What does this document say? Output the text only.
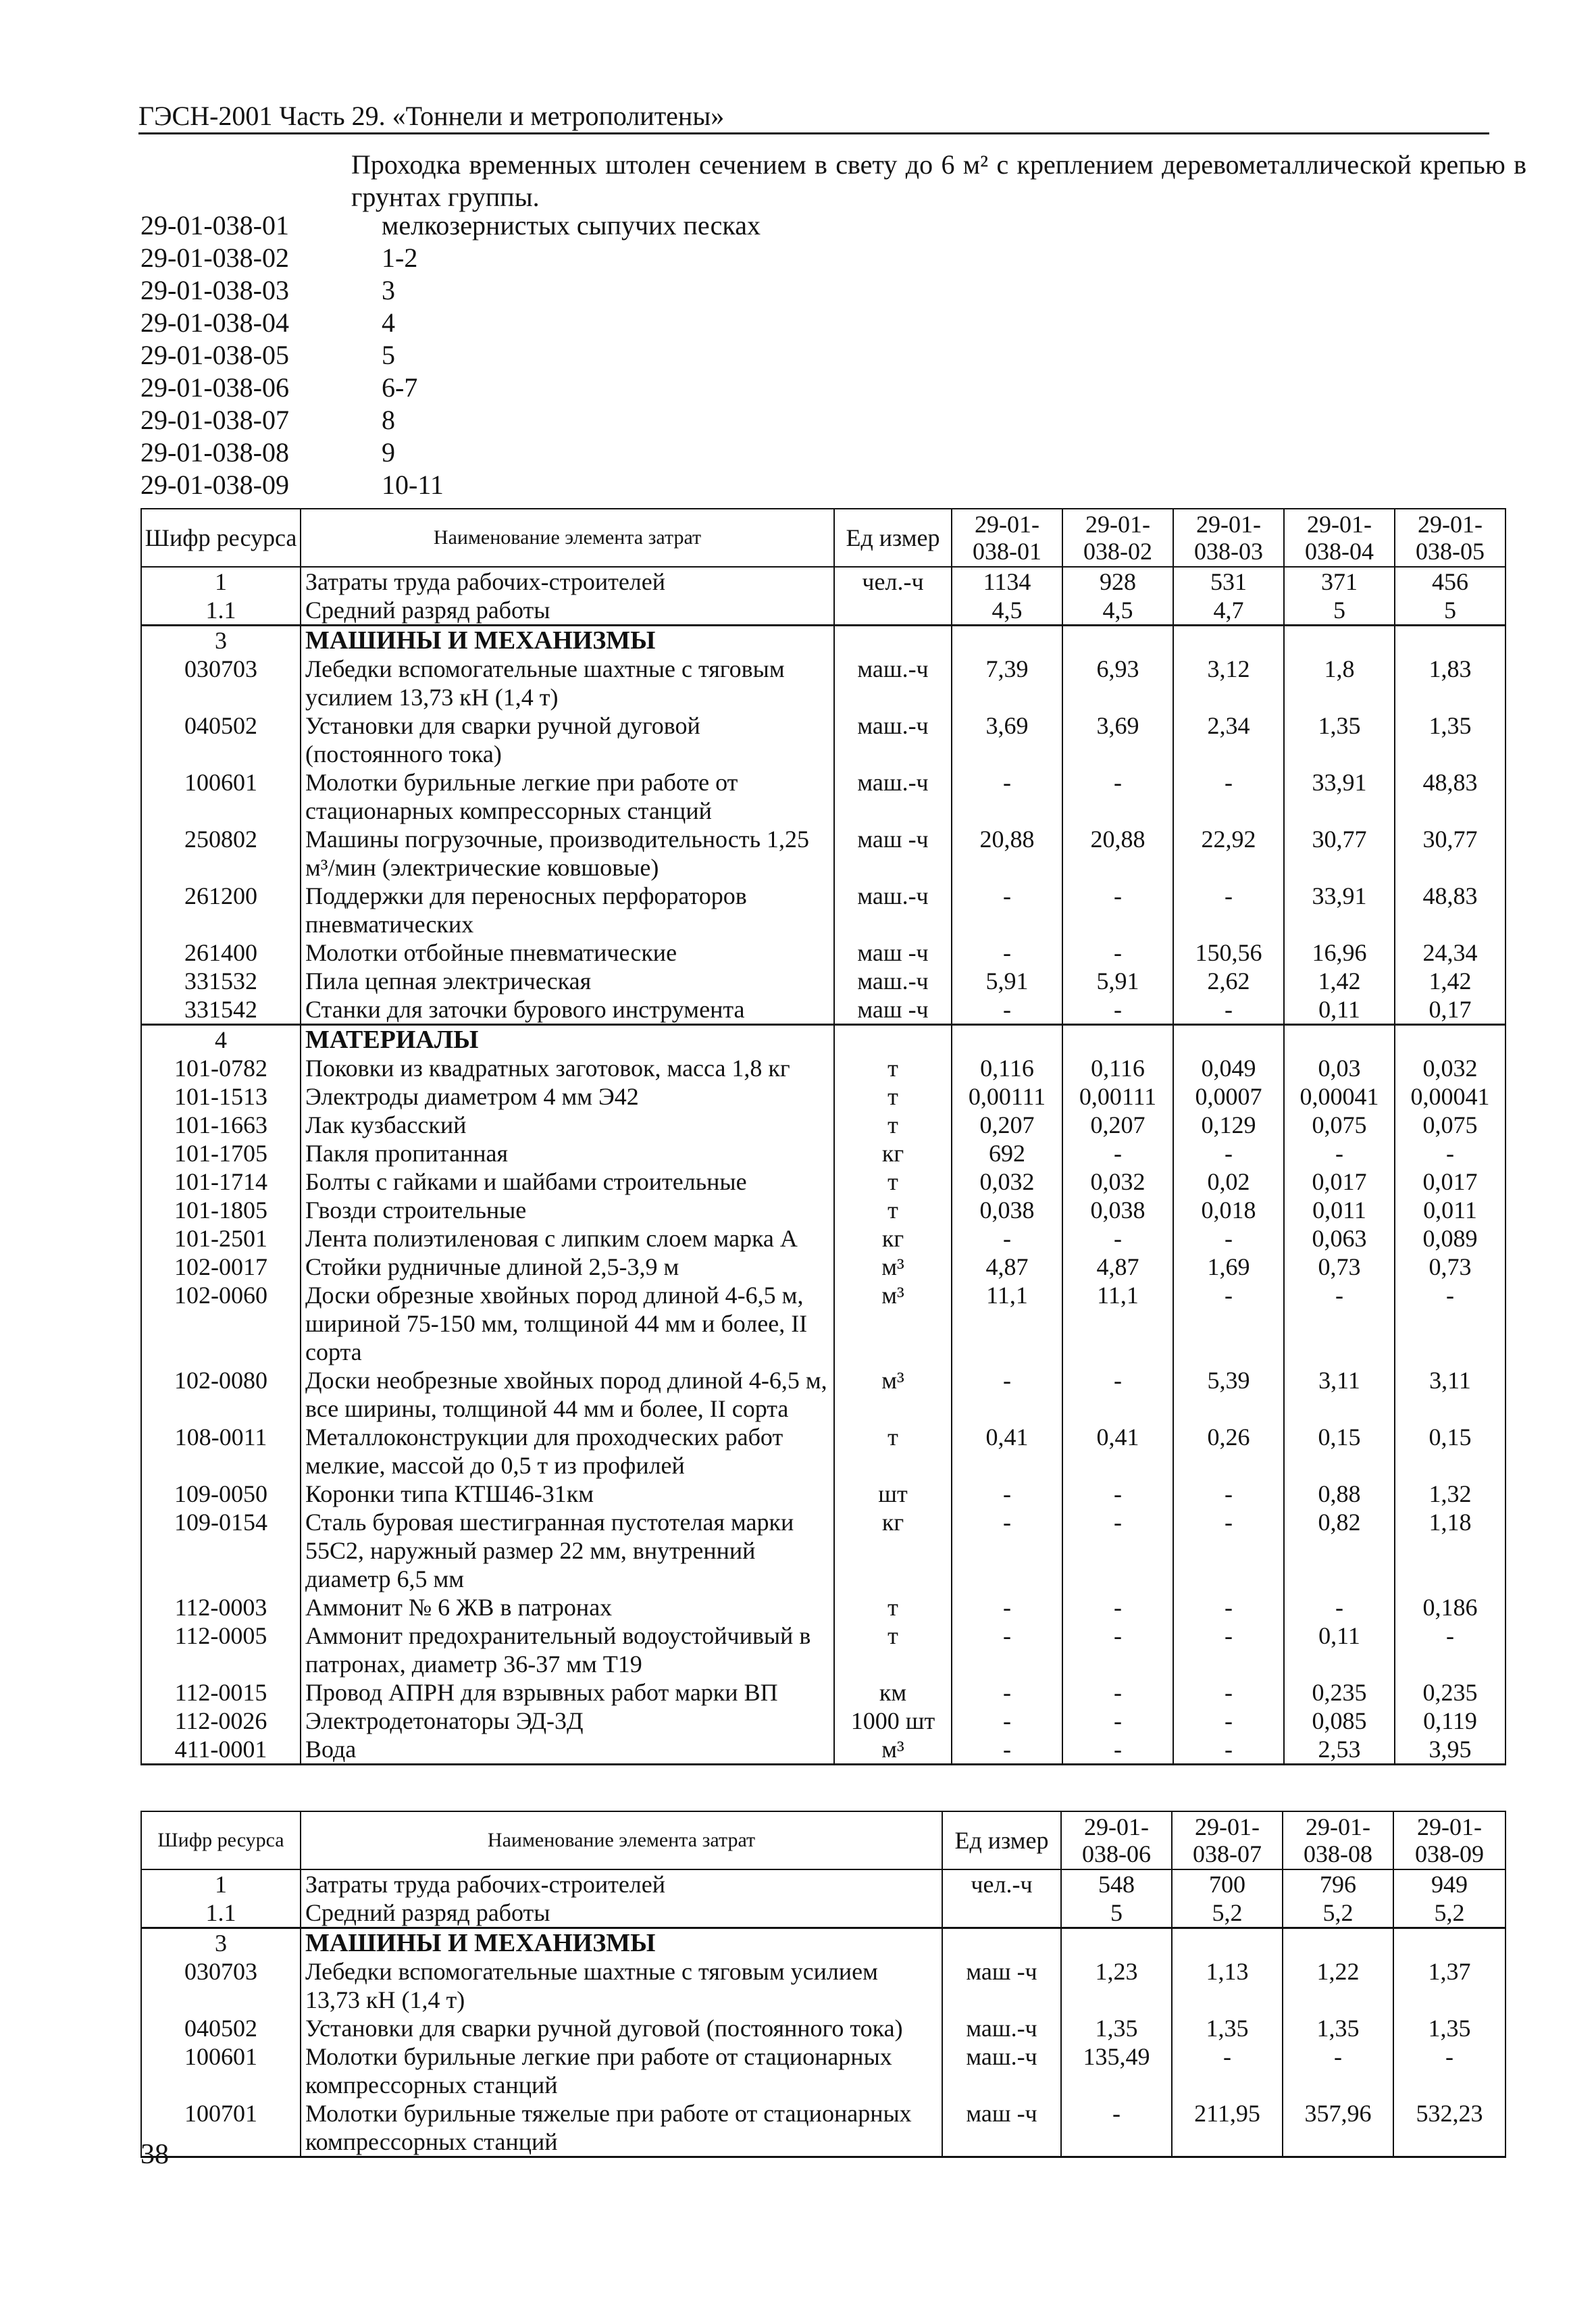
ГЭСН-2001 Часть 29. «Тоннели и метрополитены»
Проходка временных штолен сечением в свету до 6 м² с креплением деревометаллической крепью в грунтах группы.
29-01-038-01	мелкозернистых сыпучих песках
29-01-038-02	1-2
29-01-038-03	3
29-01-038-04	4
29-01-038-05	5
29-01-038-06	6-7
29-01-038-07	8
29-01-038-08	9
29-01-038-09	10-11
Шифр ресурса	Наименование элемента затрат	Ед измер	29-01-038-01	29-01-038-02	29-01-038-03	29-01-038-04	29-01-038-05
1	Затраты труда рабочих-строителей	чел.-ч	1134	928	531	371	456
1.1	Средний разряд работы		4,5	4,5	4,7	5	5
3	МАШИНЫ И МЕХАНИЗМЫ						
030703	Лебедки вспомогательные шахтные с тяговым усилием 13,73 кН (1,4 т)	маш.-ч	7,39	6,93	3,12	1,8	1,83
040502	Установки для сварки ручной дуговой (постоянного тока)	маш.-ч	3,69	3,69	2,34	1,35	1,35
100601	Молотки бурильные легкие при работе от стационарных компрессорных станций	маш.-ч	-	-	-	33,91	48,83
250802	Машины погрузочные, производительность 1,25 м³/мин (электрические ковшовые)	маш -ч	20,88	20,88	22,92	30,77	30,77
261200	Поддержки для переносных перфораторов пневматических	маш.-ч	-	-	-	33,91	48,83
261400	Молотки отбойные пневматические	маш -ч	-	-	150,56	16,96	24,34
331532	Пила цепная электрическая	маш.-ч	5,91	5,91	2,62	1,42	1,42
331542	Станки для заточки бурового инструмента	маш -ч	-	-	-	0,11	0,17
4	МАТЕРИАЛЫ						
101-0782	Поковки из квадратных заготовок, масса 1,8 кг	т	0,116	0,116	0,049	0,03	0,032
101-1513	Электроды диаметром 4 мм Э42	т	0,00111	0,00111	0,0007	0,00041	0,00041
101-1663	Лак кузбасский	т	0,207	0,207	0,129	0,075	0,075
101-1705	Пакля пропитанная	кг	692	-	-	-	-
101-1714	Болты с гайками и шайбами строительные	т	0,032	0,032	0,02	0,017	0,017
101-1805	Гвозди строительные	т	0,038	0,038	0,018	0,011	0,011
101-2501	Лента полиэтиленовая с липким слоем марка А	кг	-	-	-	0,063	0,089
102-0017	Стойки рудничные длиной 2,5-3,9 м	м³	4,87	4,87	1,69	0,73	0,73
102-0060	Доски обрезные хвойных пород длиной 4-6,5 м, шириной 75-150 мм, толщиной 44 мм и более, II сорта	м³	11,1	11,1	-	-	-
102-0080	Доски необрезные хвойных пород длиной 4-6,5 м, все ширины, толщиной 44 мм и более, II сорта	м³	-	-	5,39	3,11	3,11
108-0011	Металлоконструкции для проходческих работ мелкие, массой до 0,5 т из профилей	т	0,41	0,41	0,26	0,15	0,15
109-0050	Коронки типа КТШ46-31км	шт	-	-	-	0,88	1,32
109-0154	Сталь буровая шестигранная пустотелая марки 55С2, наружный размер 22 мм, внутренний диаметр 6,5 мм	кг	-	-	-	0,82	1,18
112-0003	Аммонит № 6 ЖВ в патронах	т	-	-	-	-	0,186
112-0005	Аммонит предохранительный водоустойчивый в патронах, диаметр 36-37 мм Т19	т	-	-	-	0,11	-
112-0015	Провод АПРН для взрывных работ марки ВП	км	-	-	-	0,235	0,235
112-0026	Электродетонаторы ЭД-3Д	1000 шт	-	-	-	0,085	0,119
411-0001	Вода	м³	-	-	-	2,53	3,95
Шифр ресурса	Наименование элемента затрат	Ед измер	29-01-038-06	29-01-038-07	29-01-038-08	29-01-038-09
1	Затраты труда рабочих-строителей	чел.-ч	548	700	796	949
1.1	Средний разряд работы		5	5,2	5,2	5,2
3	МАШИНЫ И МЕХАНИЗМЫ					
030703	Лебедки вспомогательные шахтные с тяговым усилием 13,73 кН (1,4 т)	маш -ч	1,23	1,13	1,22	1,37
040502	Установки для сварки ручной дуговой (постоянного тока)	маш.-ч	1,35	1,35	1,35	1,35
100601	Молотки бурильные легкие при работе от стационарных компрессорных станций	маш.-ч	135,49	-	-	-
100701	Молотки бурильные тяжелые при работе от стационарных компрессорных станций	маш -ч	-	211,95	357,96	532,23
38
